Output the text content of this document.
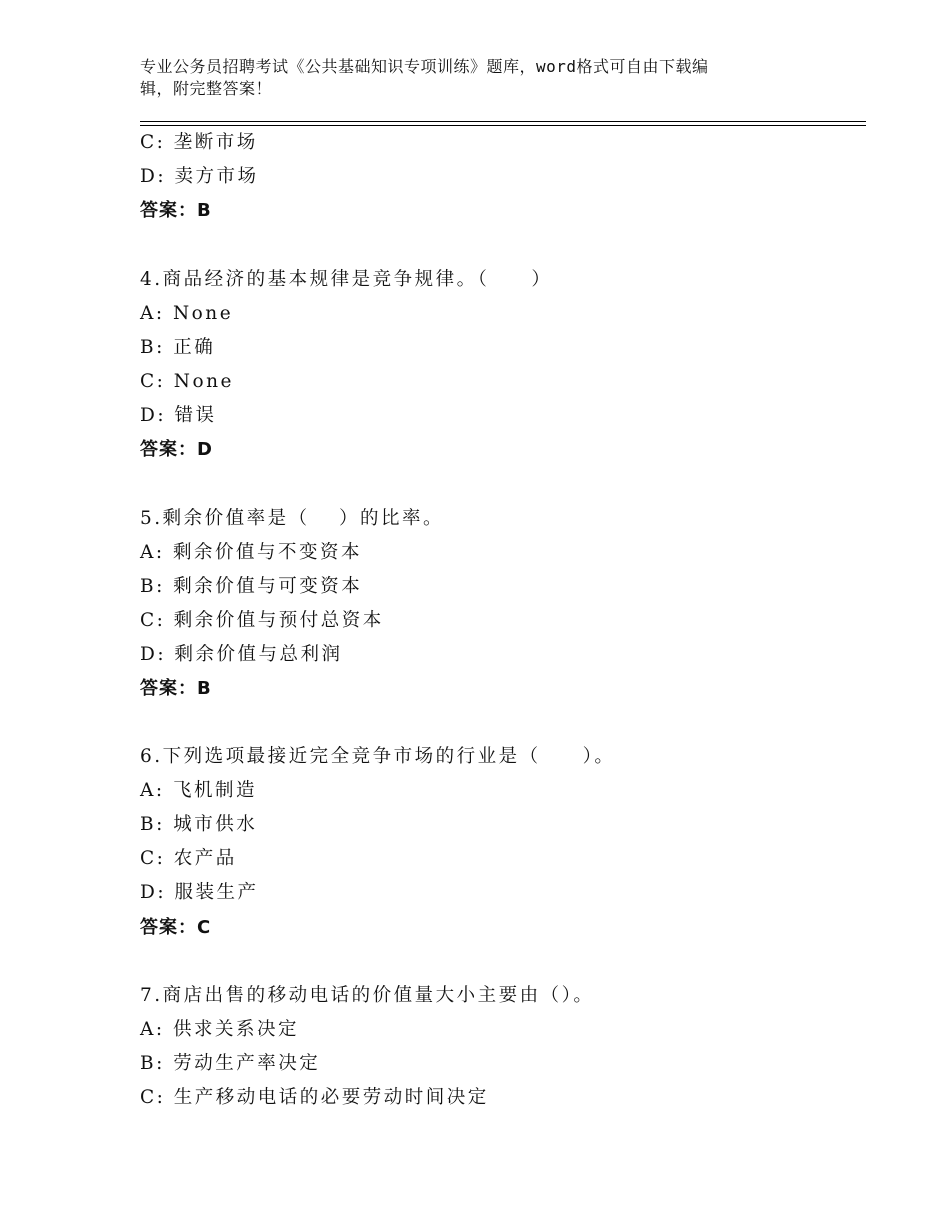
专业公务员招聘考试《公共基础知识专项训练》题库，word格式可自由下载编
辑，附完整答案！
C: 垄断市场
D: 卖方市场
答案：B
4.商品经济的基本规律是竞争规律。（　　）
A: None
B: 正确
C: None
D: 错误
答案：D
5.剩余价值率是（　 ）的比率。
A: 剩余价值与不变资本
B: 剩余价值与可变资本
C: 剩余价值与预付总资本
D: 剩余价值与总利润
答案：B
6.下列选项最接近完全竞争市场的行业是（　　）。
A: 飞机制造
B: 城市供水
C: 农产品
D: 服装生产
答案：C
7.商店出售的移动电话的价值量大小主要由（）。
A: 供求关系决定
B: 劳动生产率决定
C: 生产移动电话的必要劳动时间决定
